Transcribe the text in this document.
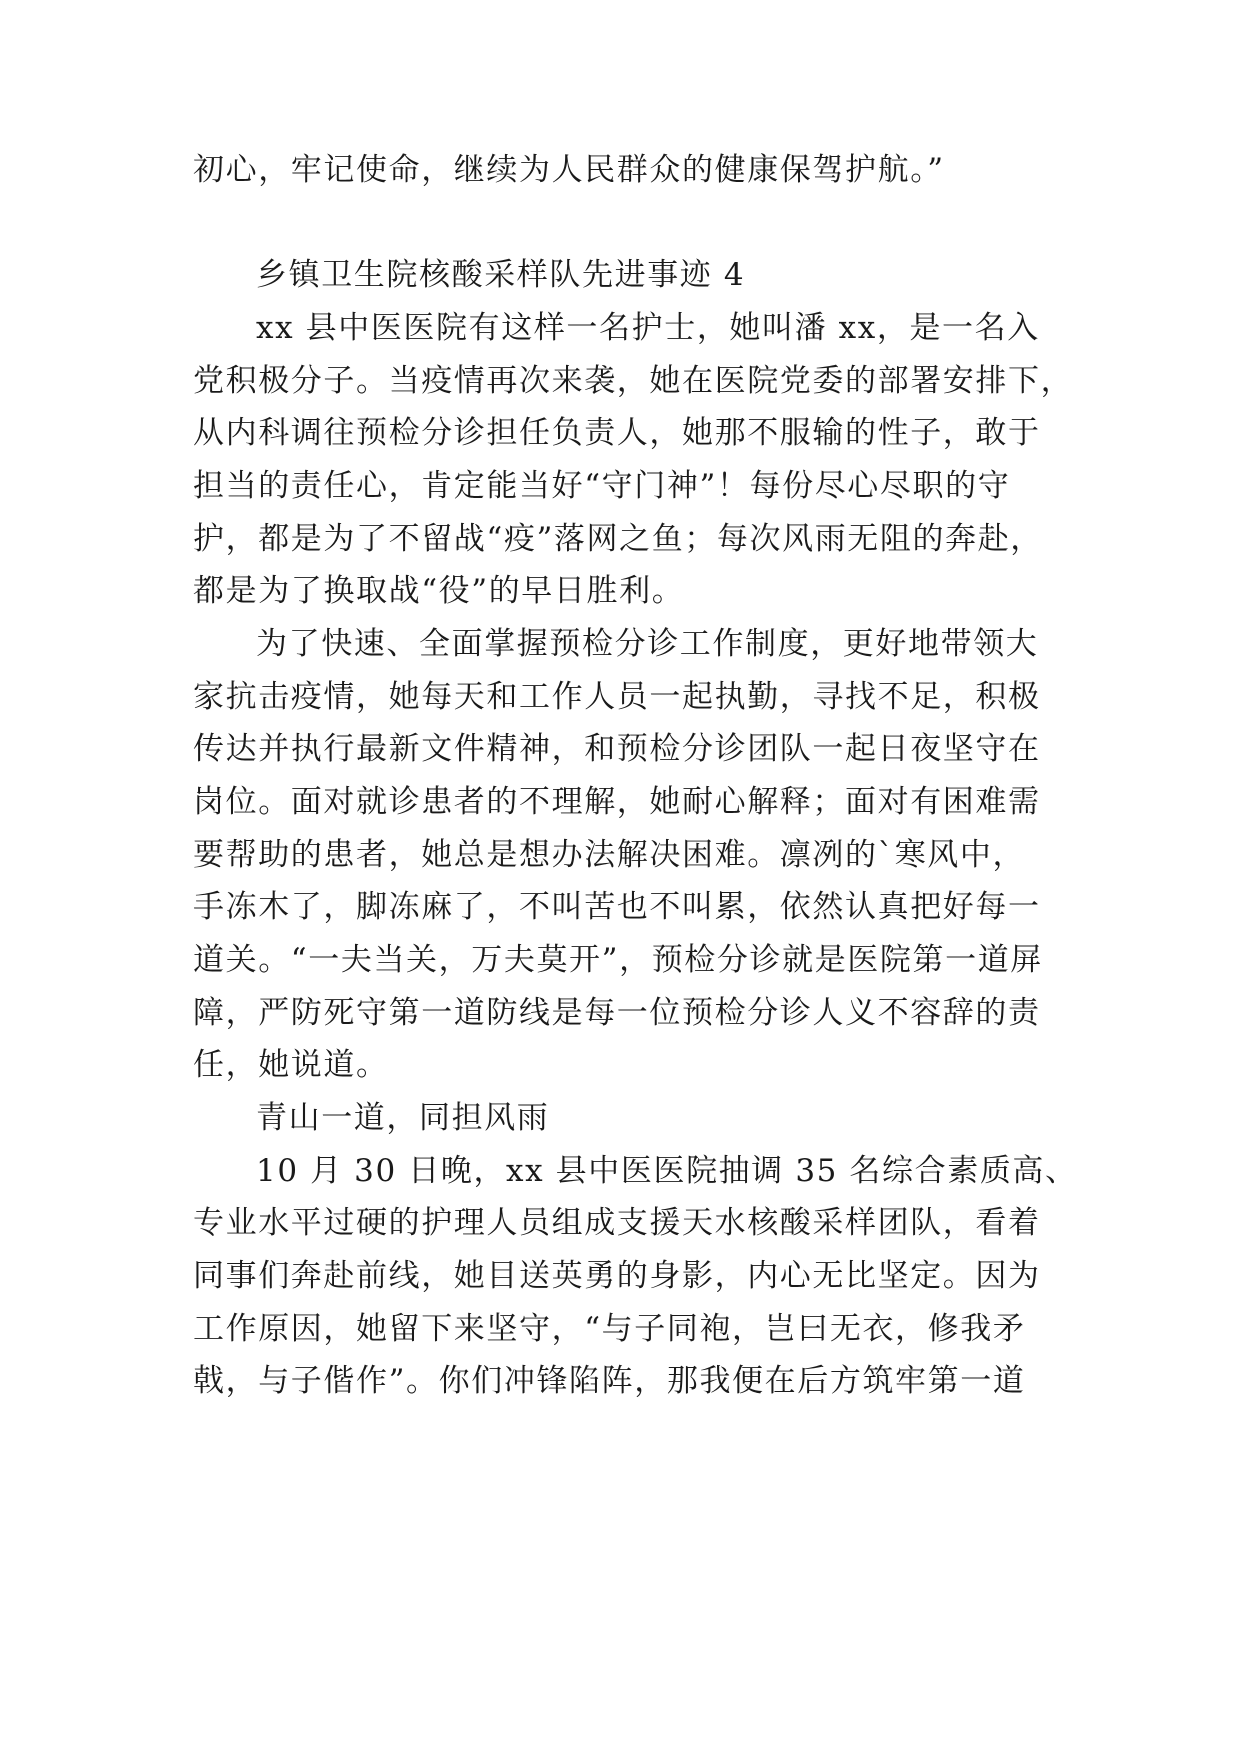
初心，牢记使命，继续为人民群众的健康保驾护航。”
乡镇卫生院核酸采样队先进事迹 4
xx 县中医医院有这样一名护士，她叫潘 xx，是一名入
党积极分子。当疫情再次来袭，她在医院党委的部署安排下，
从内科调往预检分诊担任负责人，她那不服输的性子，敢于
担当的责任心，肯定能当好“守门神”！每份尽心尽职的守
护，都是为了不留战“疫”落网之鱼；每次风雨无阻的奔赴，
都是为了换取战“役”的早日胜利。
为了快速、全面掌握预检分诊工作制度，更好地带领大
家抗击疫情，她每天和工作人员一起执勤，寻找不足，积极
传达并执行最新文件精神，和预检分诊团队一起日夜坚守在
岗位。面对就诊患者的不理解，她耐心解释；面对有困难需
要帮助的患者，她总是想办法解决困难。凛冽的`寒风中，
手冻木了，脚冻麻了，不叫苦也不叫累，依然认真把好每一
道关。“一夫当关，万夫莫开”，预检分诊就是医院第一道屏
障，严防死守第一道防线是每一位预检分诊人义不容辞的责
任，她说道。
青山一道，同担风雨
10 月 30 日晚，xx 县中医医院抽调 35 名综合素质高、
专业水平过硬的护理人员组成支援天水核酸采样团队，看着
同事们奔赴前线，她目送英勇的身影，内心无比坚定。因为
工作原因，她留下来坚守，“与子同袍，岂曰无衣，修我矛
戟，与子偕作”。你们冲锋陷阵，那我便在后方筑牢第一道
